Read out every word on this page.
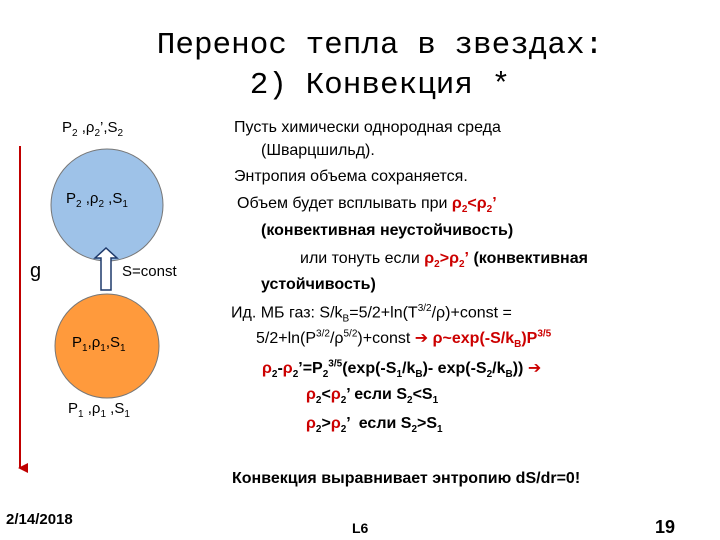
Перенос тепла в звездах:
2) Конвекция *
$P_2$ $,\rho_2’,S_2$
$P_2$ $,\rho_2$ $,S_1$
g	S=const
$P_1,\rho_1,S_1$
$P_1$ $,\rho_1$ $,S_1$
Пусть химически однородная среда
(Шварцшильд).
Энтропия объема сохраняется.
Объем будет всплывать при $\rho_2<\rho_2$’
(конвективная неустойчивость)
или тонуть если $\rho_2>\rho_2$’ (конвективная
устойчивость)
Ид. МБ газ: $S/k_B=5/2+\ln(T^{3/2}/\rho)+const$ =
$5/2+\ln(P^{3/2}/\rho^{5/2})+const$ ➔ $\rho\sim\exp(-S/k_B)P^{3/5}$
$\rho_2-\rho_2’=P_2^{3/5}(\exp(-S_1/k_B)-$ $\exp(-S_2/k_B)$) ➔
$\rho_2<\rho_2$’ если $S_2<S_1$
$\rho_2>\rho_2$’  если $S_2>S_1$
Конвекция выравнивает энтропию dS/dr=0!
2/14/2018	L6	19
